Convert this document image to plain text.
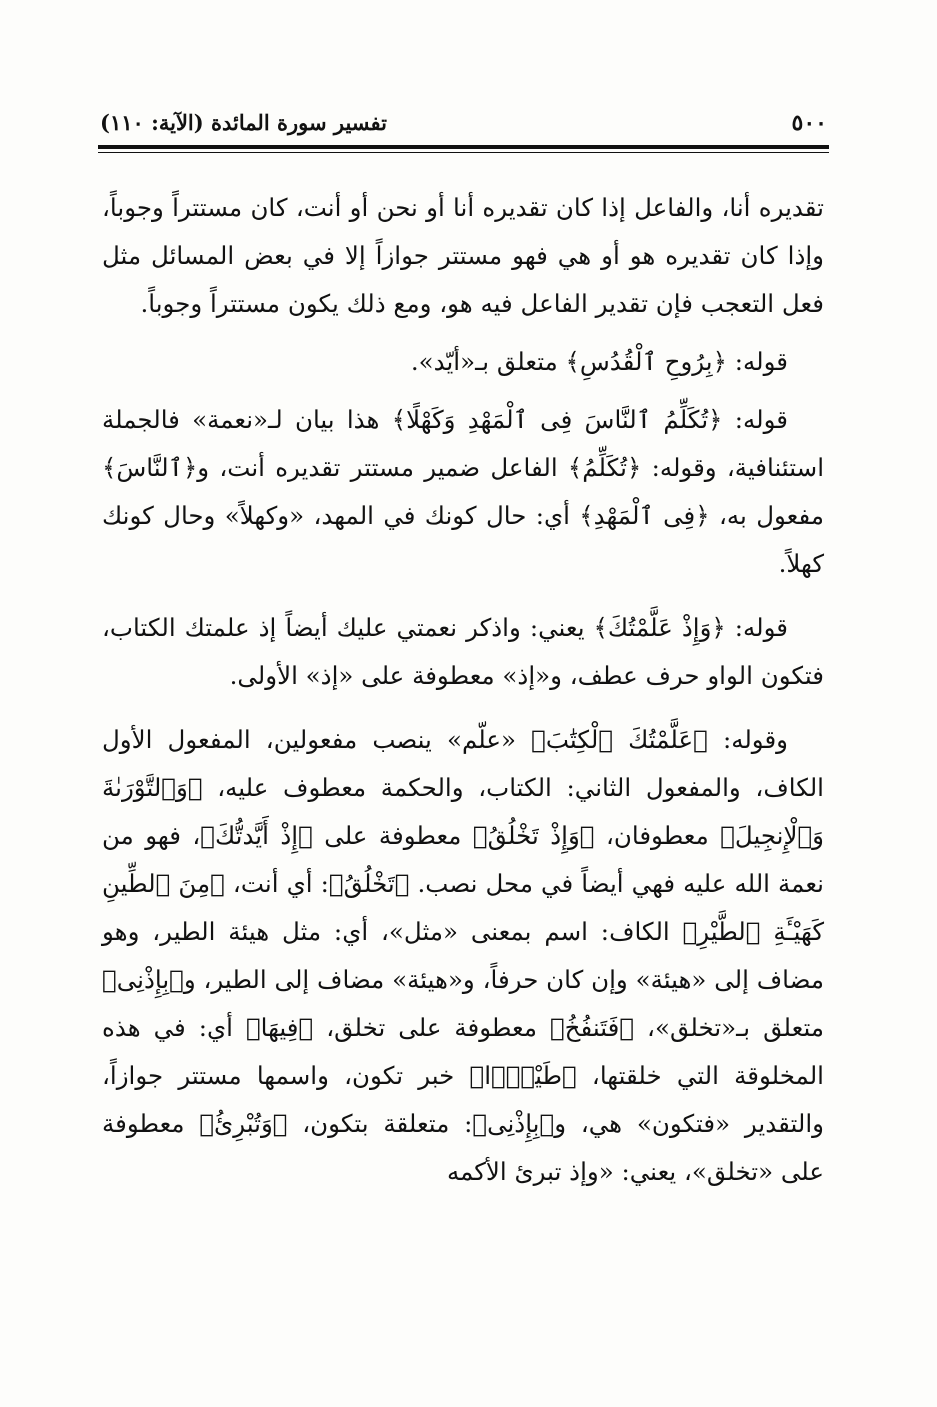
٥٠٠
تفسير سورة المائدة (الآية: ١١٠)

تقديره أنا، والفاعل إذا كان تقديره أنا أو نحن أو أنت، كان مستتراً وجوباً، وإذا كان تقديره هو أو هي فهو مستتر جوازاً إلا في بعض المسائل مثل فعل التعجب فإن تقدير الفاعل فيه هو، ومع ذلك يكون مستتراً وجوباً.

قوله: ﴿بِرُوحِ ٱلْقُدُسِ﴾ متعلق بـ«أيّد».

قوله: ﴿تُكَلِّمُ ٱلنَّاسَ فِى ٱلْمَهْدِ وَكَهْلًا﴾ هذا بيان لـ«نعمة» فالجملة استئنافية، وقوله: ﴿تُكَلِّمُ﴾ الفاعل ضمير مستتر تقديره أنت، و﴿ٱلنَّاسَ﴾ مفعول به، ﴿فِى ٱلْمَهْدِ﴾ أي: حال كونك في المهد، «وكهلاً» وحال كونك كهلاً.

قوله: ﴿وَإِذْ عَلَّمْتُكَ﴾ يعني: واذكر نعمتي عليك أيضاً إذ علمتك الكتاب، فتكون الواو حرف عطف، و«إذ» معطوفة على «إذ» الأولى.

وقوله: ﴿عَلَّمْتُكَ ٱلْكِتَٰبَ﴾ «علّم» ينصب مفعولين، المفعول الأول الكاف، والمفعول الثاني: الكتاب، والحكمة معطوف عليه، ﴿وَٱلتَّوْرَىٰةَ وَٱلْإِنجِيلَ﴾ معطوفان، ﴿وَإِذْ تَخْلُقُ﴾ معطوفة على ﴿إِذْ أَيَّدتُّكَ﴾، فهو من نعمة الله عليه فهي أيضاً في محل نصب. ﴿تَخْلُقُ﴾: أي أنت، ﴿مِنَ ٱلطِّينِ كَهَيْـَٔةِ ٱلطَّيْرِ﴾ الكاف: اسم بمعنى «مثل»، أي: مثل هيئة الطير، وهو مضاف إلى «هيئة» وإن كان حرفاً، و«هيئة» مضاف إلى الطير، و﴿بِإِذْنِى﴾ متعلق بـ«تخلق»، ﴿فَتَنفُخُ﴾ معطوفة على تخلق، ﴿فِيهَا﴾ أي: في هذه المخلوقة التي خلقتها، ﴿طَيْرًۢا﴾ خبر تكون، واسمها مستتر جوازاً، والتقدير «فتكون» هي، و﴿بِإِذْنِى﴾: متعلقة بتكون، ﴿وَتُبْرِئُ﴾ معطوفة على «تخلق»، يعني: «وإذ تبرئ الأكمه
